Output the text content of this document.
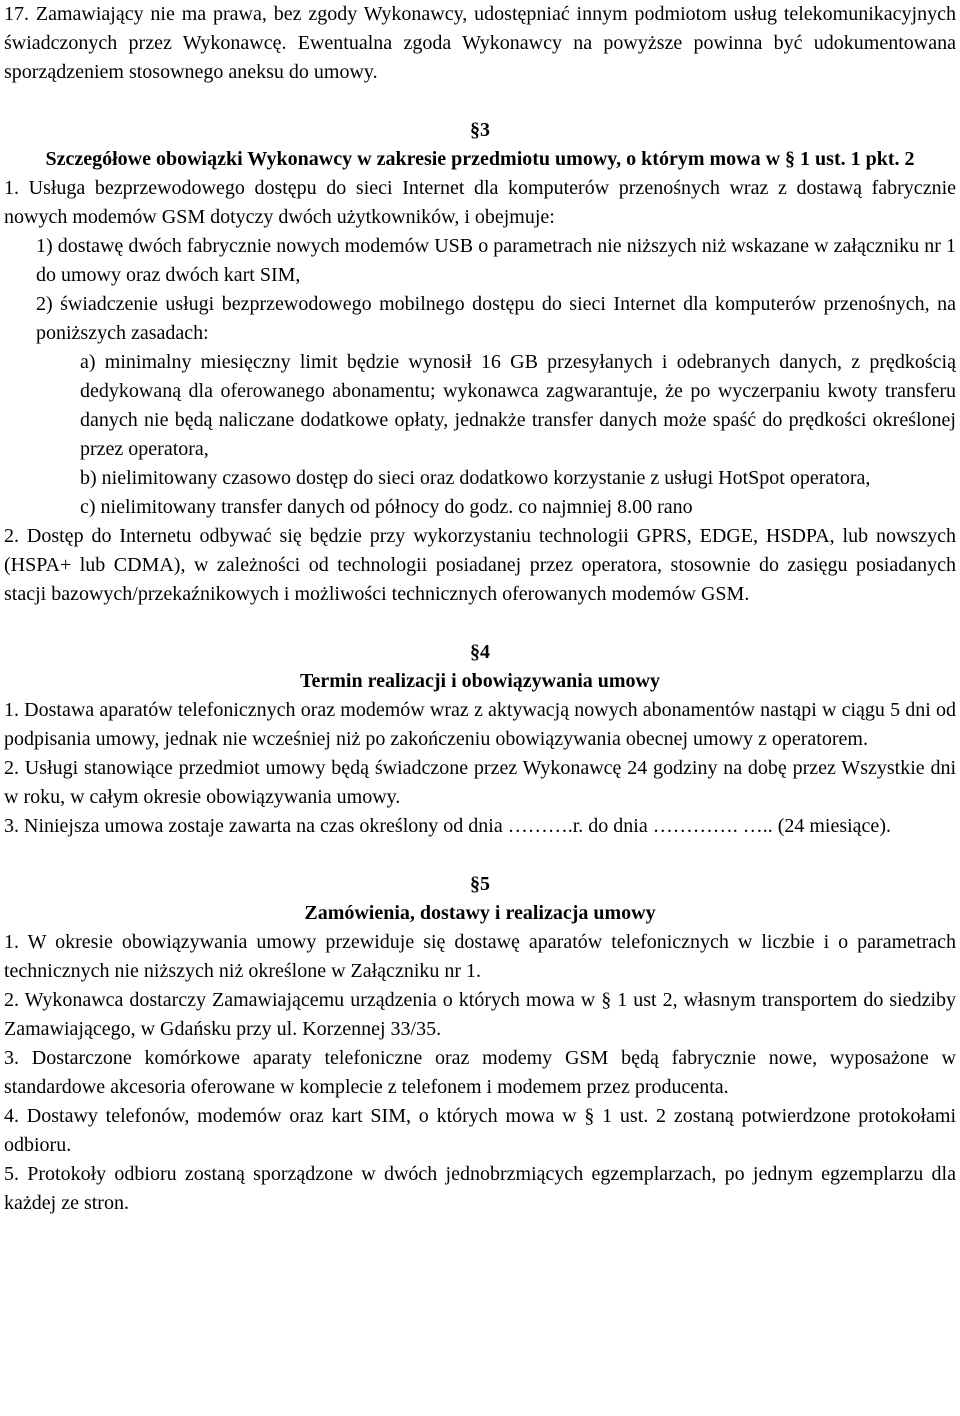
17. Zamawiający nie ma prawa, bez zgody Wykonawcy, udostępniać innym podmiotom usług telekomunikacyjnych świadczonych przez Wykonawcę. Ewentualna zgoda Wykonawcy na powyższe powinna być udokumentowana sporządzeniem stosownego aneksu do umowy.

§3

Szczegółowe obowiązki Wykonawcy w zakresie przedmiotu umowy, o którym mowa w § 1 ust. 1 pkt. 2

1. Usługa bezprzewodowego dostępu do sieci Internet dla komputerów przenośnych wraz z dostawą fabrycznie nowych modemów GSM dotyczy dwóch użytkowników, i obejmuje:

1) dostawę dwóch fabrycznie nowych modemów USB o parametrach nie niższych niż wskazane w załączniku nr 1 do umowy oraz dwóch kart SIM,

2) świadczenie usługi bezprzewodowego mobilnego dostępu do sieci Internet dla komputerów przenośnych, na poniższych zasadach:

a) minimalny miesięczny limit będzie wynosił 16 GB przesyłanych i odebranych danych, z prędkością dedykowaną dla oferowanego abonamentu; wykonawca zagwarantuje, że po wyczerpaniu kwoty transferu danych nie będą naliczane dodatkowe opłaty, jednakże transfer danych może spaść do prędkości określonej przez operatora,

b) nielimitowany czasowo dostęp do sieci oraz dodatkowo korzystanie z usługi HotSpot operatora,

c) nielimitowany transfer danych od północy do godz. co najmniej 8.00 rano

2. Dostęp do Internetu odbywać się będzie przy wykorzystaniu technologii GPRS, EDGE, HSDPA, lub nowszych (HSPA+ lub CDMA), w zależności od technologii posiadanej przez operatora, stosownie do zasięgu posiadanych stacji bazowych/przekaźnikowych i możliwości technicznych oferowanych modemów GSM.

§4

Termin realizacji i obowiązywania umowy

1. Dostawa aparatów telefonicznych oraz modemów wraz z aktywacją nowych abonamentów nastąpi w ciągu 5 dni od podpisania umowy, jednak nie wcześniej niż po zakończeniu obowiązywania obecnej umowy z operatorem.

2. Usługi stanowiące przedmiot umowy będą świadczone przez Wykonawcę 24 godziny na dobę przez Wszystkie dni w roku, w całym okresie obowiązywania umowy.

3. Niniejsza umowa zostaje zawarta na czas określony od dnia ……….r. do dnia …………. ….. (24 miesiące).

§5

Zamówienia, dostawy i realizacja umowy

1. W okresie obowiązywania umowy przewiduje się dostawę aparatów telefonicznych w liczbie i o parametrach technicznych nie niższych niż określone w Załączniku nr 1.

2. Wykonawca dostarczy Zamawiającemu urządzenia o których mowa w § 1 ust 2, własnym transportem do siedziby Zamawiającego, w Gdańsku przy ul. Korzennej 33/35.

3. Dostarczone komórkowe aparaty telefoniczne oraz modemy GSM będą fabrycznie nowe, wyposażone w standardowe akcesoria oferowane w komplecie z telefonem i modemem przez producenta.

4. Dostawy telefonów, modemów oraz kart SIM, o których mowa w § 1 ust. 2 zostaną potwierdzone protokołami odbioru.

5. Protokoły odbioru zostaną sporządzone w dwóch jednobrzmiących egzemplarzach, po jednym egzemplarzu dla każdej ze stron.
